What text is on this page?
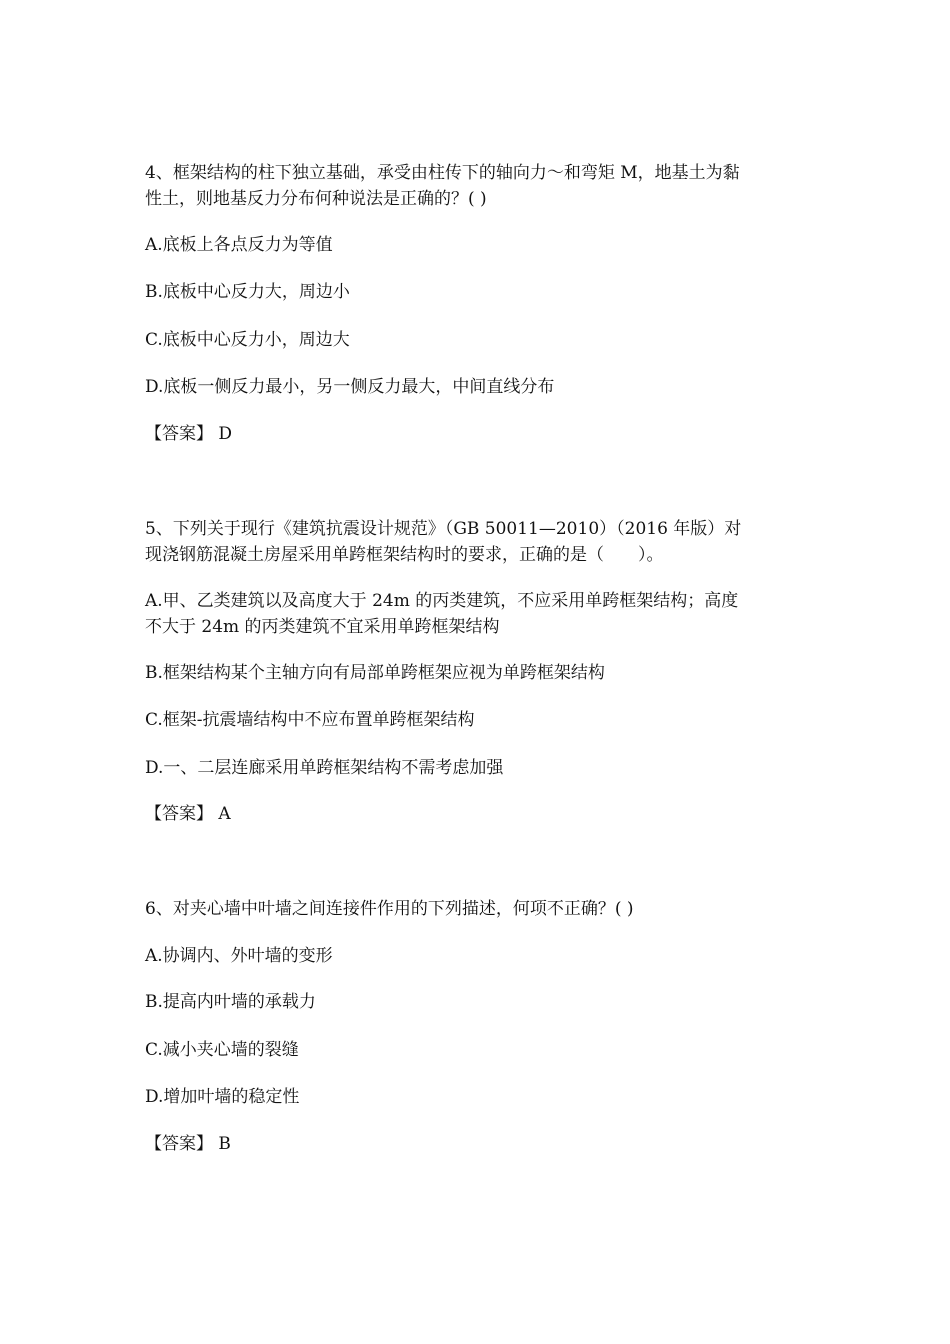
4、框架结构的柱下独立基础，承受由柱传下的轴向力～和弯矩 M，地基土为黏
性土，则地基反力分布何种说法是正确的？( )
A.底板上各点反力为等值
B.底板中心反力大，周边小
C.底板中心反力小，周边大
D.底板一侧反力最小，另一侧反力最大，中间直线分布
【答案】 D
5、下列关于现行《建筑抗震设计规范》（GB 50011—2010）（2016 年版）对
现浇钢筋混凝土房屋采用单跨框架结构时的要求，正确的是（　　）。
A.甲、乙类建筑以及高度大于 24m 的丙类建筑，不应采用单跨框架结构；高度
不大于 24m 的丙类建筑不宜采用单跨框架结构
B.框架结构某个主轴方向有局部单跨框架应视为单跨框架结构
C.框架-抗震墙结构中不应布置单跨框架结构
D.一、二层连廊采用单跨框架结构不需考虑加强
【答案】 A
6、对夹心墙中叶墙之间连接件作用的下列描述，何项不正确？( )
A.协调内、外叶墙的变形
B.提高内叶墙的承载力
C.减小夹心墙的裂缝
D.增加叶墙的稳定性
【答案】 B
